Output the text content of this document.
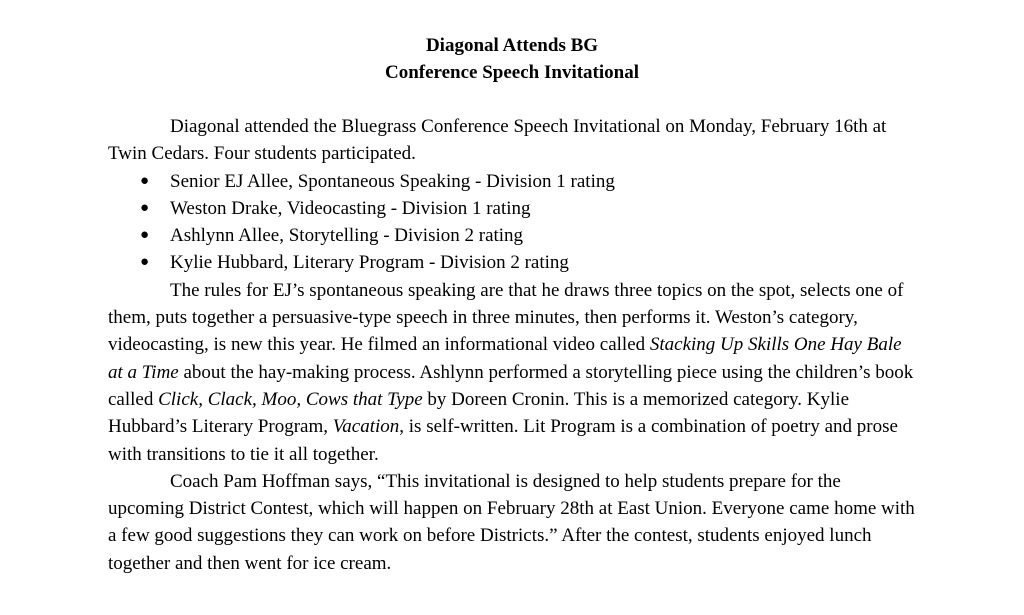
Diagonal Attends BG
Conference Speech Invitational

Diagonal attended the Bluegrass Conference Speech Invitational on Monday, February 16th at Twin Cedars. Four students participated.

● Senior EJ Allee, Spontaneous Speaking - Division 1 rating
● Weston Drake, Videocasting - Division 1 rating
● Ashlynn Allee, Storytelling - Division 2 rating
● Kylie Hubbard, Literary Program - Division 2 rating

The rules for EJ’s spontaneous speaking are that he draws three topics on the spot, selects one of them, puts together a persuasive-type speech in three minutes, then performs it. Weston’s category, videocasting, is new this year. He filmed an informational video called Stacking Up Skills One Hay Bale at a Time about the hay-making process. Ashlynn performed a storytelling piece using the children’s book called Click, Clack, Moo, Cows that Type by Doreen Cronin. This is a memorized category. Kylie Hubbard’s Literary Program, Vacation, is self-written. Lit Program is a combination of poetry and prose with transitions to tie it all together.

Coach Pam Hoffman says, “This invitational is designed to help students prepare for the upcoming District Contest, which will happen on February 28th at East Union. Everyone came home with a few good suggestions they can work on before Districts.” After the contest, students enjoyed lunch together and then went for ice cream.
